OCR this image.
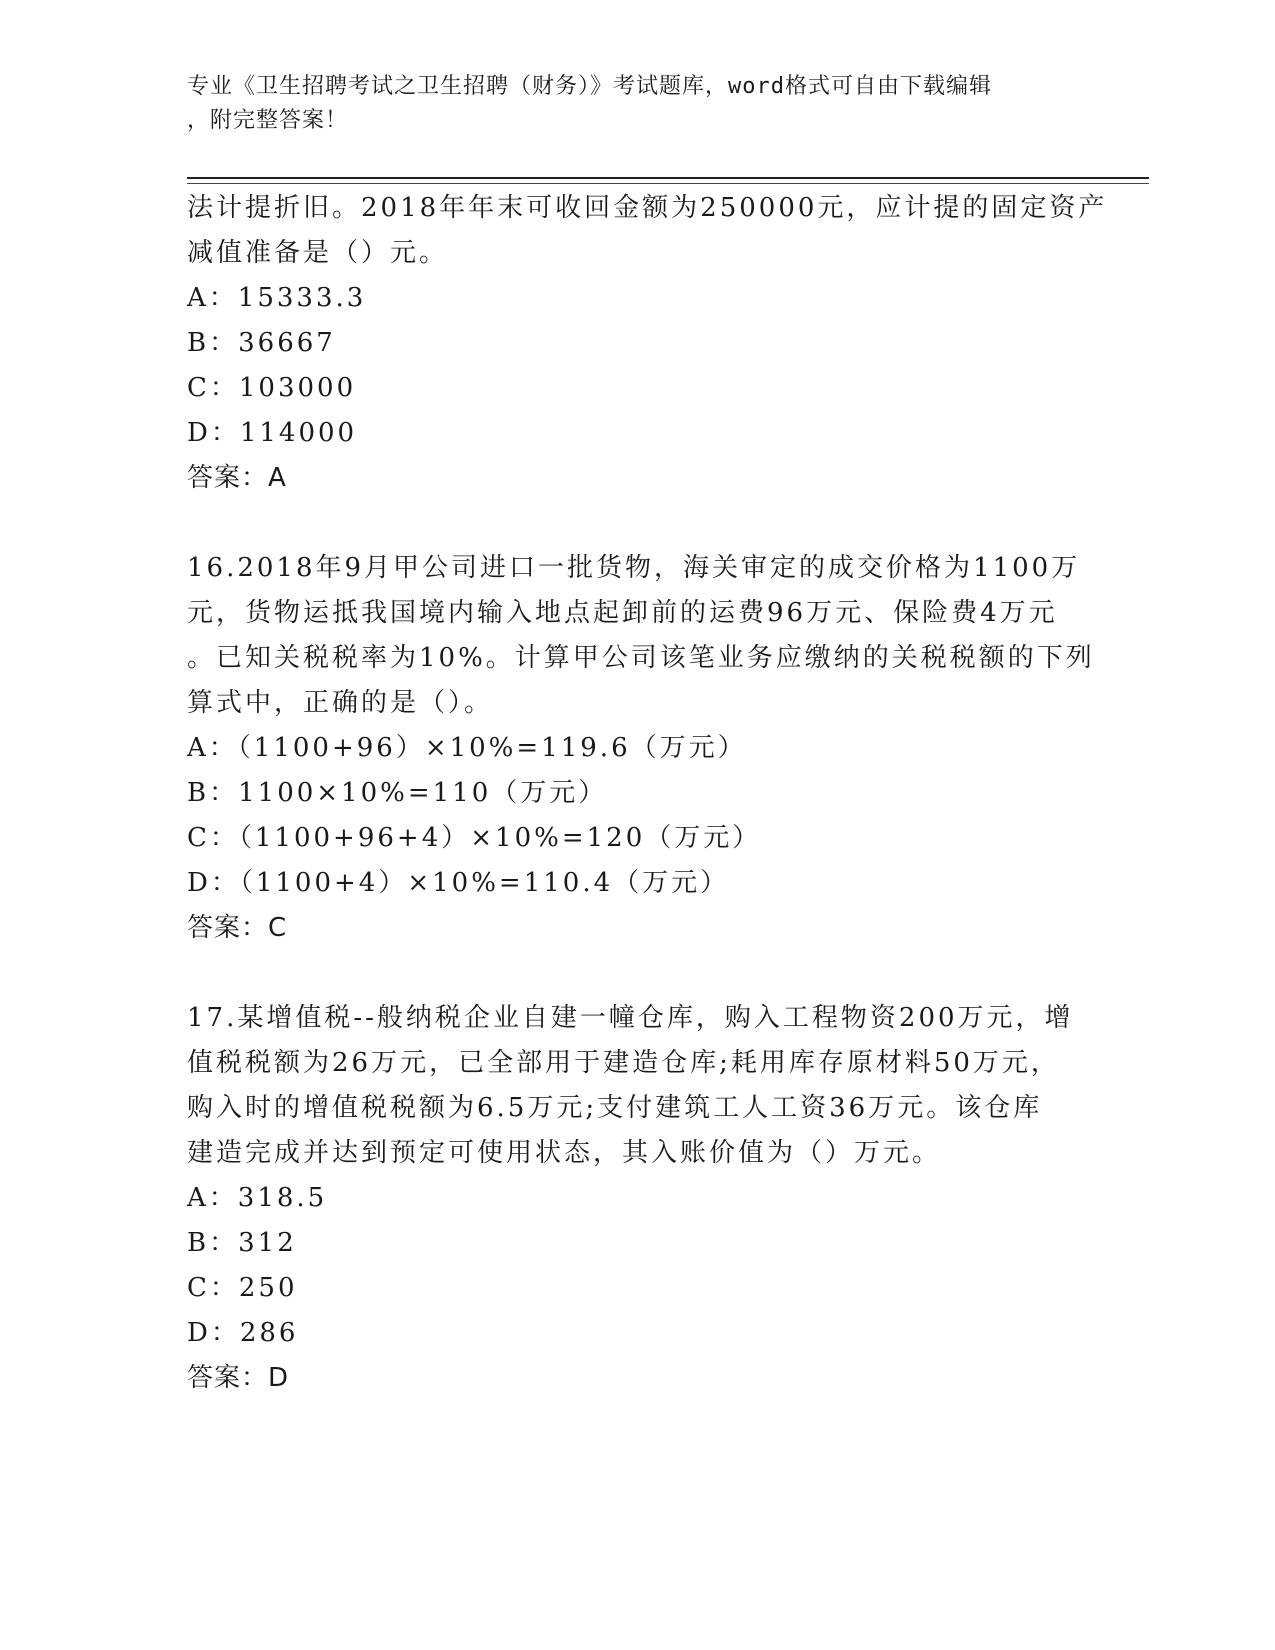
专业《卫生招聘考试之卫生招聘（财务）》考试题库，word格式可自由下载编辑
，附完整答案！
法计提折旧。2018年年末可收回金额为250000元，应计提的固定资产
减值准备是（）元。
A：15333.3
B：36667
C：103000
D：114000
答案：A
16.2018年9月甲公司进口一批货物，海关审定的成交价格为1100万
元，货物运抵我国境内输入地点起卸前的运费96万元、保险费4万元
。已知关税税率为10%。计算甲公司该笔业务应缴纳的关税税额的下列
算式中，正确的是（）。
A：（1100+96）×10%=119.6（万元）
B：1100×10%=110（万元）
C：（1100+96+4）×10%=120（万元）
D：（1100+4）×10%=110.4（万元）
答案：C
17.某增值税--般纳税企业自建一幢仓库，购入工程物资200万元，增
值税税额为26万元，已全部用于建造仓库;耗用库存原材料50万元，
购入时的增值税税额为6.5万元;支付建筑工人工资36万元。该仓库
建造完成并达到预定可使用状态，其入账价值为（）万元。
A：318.5
B：312
C：250
D：286
答案：D
